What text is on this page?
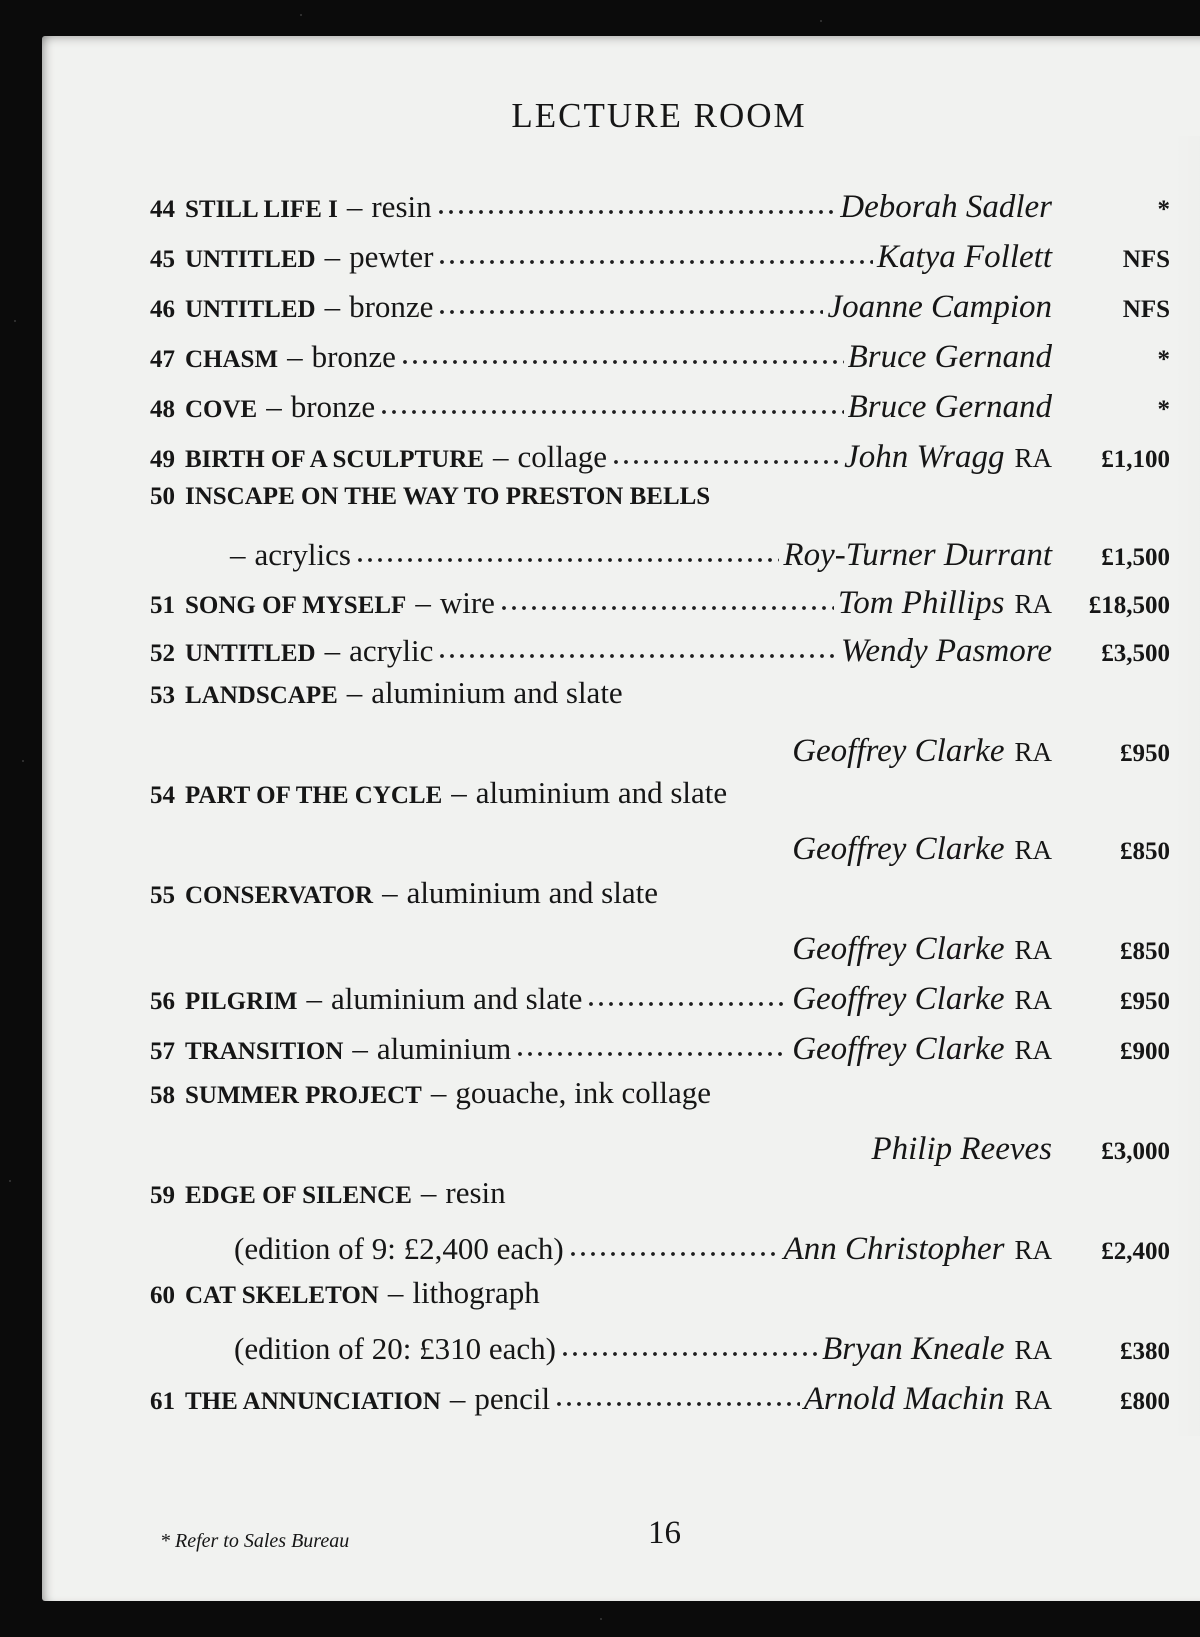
LECTURE ROOM
44 STILL LIFE I – resin	Deborah Sadler	*
45 UNTITLED – pewter	Katya Follett	NFS
46 UNTITLED – bronze	Joanne Campion	NFS
47 CHASM – bronze	Bruce Gernand	*
48 COVE – bronze	Bruce Gernand	*
49 BIRTH OF A SCULPTURE – collage	John Wragg RA	£1,100
50 INSCAPE ON THE WAY TO PRESTON BELLS
– acrylics	Roy-Turner Durrant	£1,500
51 SONG OF MYSELF – wire	Tom Phillips RA	£18,500
52 UNTITLED – acrylic	Wendy Pasmore	£3,500
53 LANDSCAPE – aluminium and slate
Geoffrey Clarke RA	£950
54 PART OF THE CYCLE – aluminium and slate
Geoffrey Clarke RA	£850
55 CONSERVATOR – aluminium and slate
Geoffrey Clarke RA	£850
56 PILGRIM – aluminium and slate	Geoffrey Clarke RA	£950
57 TRANSITION – aluminium	Geoffrey Clarke RA	£900
58 SUMMER PROJECT – gouache, ink collage
Philip Reeves	£3,000
59 EDGE OF SILENCE – resin
(edition of 9: £2,400 each)	Ann Christopher RA	£2,400
60 CAT SKELETON – lithograph
(edition of 20: £310 each)	Bryan Kneale RA	£380
61 THE ANNUNCIATION – pencil	Arnold Machin RA	£800
* Refer to Sales Bureau	16
